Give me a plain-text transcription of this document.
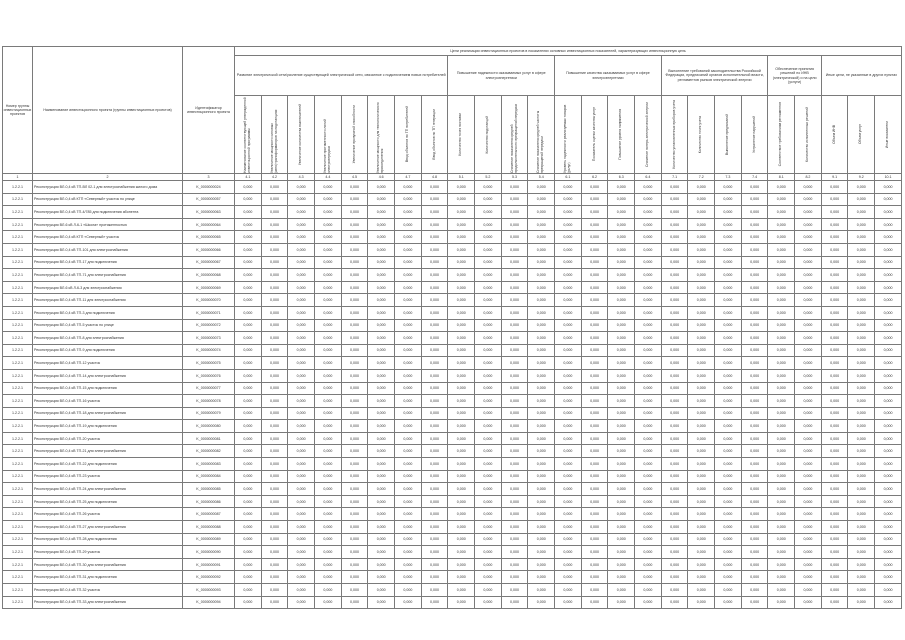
Номер группы инвестиционных проектов	Наименование инвестиционного проекта (группы инвестиционных проектов)	Идентификатор инвестиционного проекта	Цели реализации инвестиционных проектов в показателях основных инвестиционных показателей, характеризующих инвестиционную цель																								
			Развитие электрической сети/усиление существующей электрической сети, связанное с подключением новых потребителей								Повышение надежности оказываемых услуг в сфере электроэнергетики				Повышение качества оказываемых услуг в сфере электроэнергетики				Выполнение требований законодательства Российской Федерации, предписаний органов исполнительной власти, регламентов рынков электрической энергии				Обеспечение принятия решений по ИНВ (электрической) и на цели (услуги)		Иные цели, не указанные в других пунктах		

			Наименование соответствующей утвержденной инвестиционной программы	Увеличение мощности силовых (авто)трансформаторов на подстанциях	Увеличение количества выключателей	Увеличение протяженности линий электропередачи	Увеличение пропускной способности	Увеличение мощности для технологического присоединения	Ввод объектов по ТП потребителей	Ввод объектов по ТП генерации	Количество точек поставки	Количество подстанций	Снижение показателя средней продолжительности прекращений передачи	Снижение показателя средней частоты прекращений передачи	Уровень надежности реализуемых товаров (услуг)	Показатель оценки качества услуг	Повышение уровня напряжения	Снижение потерь электрической энергии	Количество установленных приборов учета	Количество точек учета	Выполнение предписаний	Устранение нарушений	Соответствие требованиям регламентов	Количество исполненных решений	Объем ИНВ	Объем услуг	Иные показатели

1	2	3	4.1	4.2	4.3	4.4	4.5	4.6	4.7	4.8	5.1	5.2	5.3	5.4	6.1	6.2	6.3	6.4	7.1	7.2	7.3	7.4	8.1	8.2	9.1	9.2	10.1
1.2.2.1	Реконструкция ВЛ-0,4 кВ ТП-ВЛ 02-1 для электроснабжения жилого дома	K_0000000024	0,000	0,000	0,000	0,000	0,000	0,000	0,000	0,000	0,000	0,000	0,000	0,000	0,000	0,000	0,000	0,000	0,000	0,000	0,000	0,000	0,000	0,000	0,000	0,000	0,000
1.2.2.1	Реконструкция ВЛ-0,4 кВ КТП «Северный» участок по улице	K_0000000057	0,000	0,000	0,000	0,000	0,000	0,000	0,000	0,000	0,000	0,000	0,000	0,000	0,000	0,000	0,000	0,000	0,000	0,000	0,000	0,000	0,000	0,000	0,000	0,000	0,000
1.2.2.1	Реконструкция ВЛ-0,4 кВ ТП-4/785 для подключения абонента	K_0000000063	0,000	0,000	0,000	0,000	0,000	0,000	0,000	0,000	0,000	0,000	0,000	0,000	0,000	0,000	0,000	0,000	0,000	0,000	0,000	0,000	0,000	0,000	0,000	0,000	0,000
1.2.2.1	Реконструкция ВЛ-6 кВ Л-6-1 «Школа» протяженностью	K_0000000064	0,000	0,000	0,000	0,000	0,000	0,000	0,000	0,000	0,000	0,000	0,000	0,000	0,000	0,000	0,000	0,000	0,000	0,000	0,000	0,000	0,000	0,000	0,000	0,000	0,000
1.2.2.1	Реконструкция ВЛ-0,4 кВ КТП «Северный» участок	K_0000000065	0,000	0,000	0,000	0,000	0,000	0,000	0,000	0,000	0,000	0,000	0,000	0,000	0,000	0,000	0,000	0,000	0,000	0,000	0,000	0,000	0,000	0,000	0,000	0,000	0,000
1.2.2.1	Реконструкция ВЛ-0,4 кВ ТП-101 для электроснабжения	K_0000000066	0,000	0,000	0,000	0,000	0,000	0,000	0,000	0,000	0,000	0,000	0,000	0,000	0,000	0,000	0,000	0,000	0,000	0,000	0,000	0,000	0,000	0,000	0,000	0,000	0,000
1.2.2.1	Реконструкция ВЛ-0,4 кВ ТП-17 для подключения	K_0000000067	0,000	0,000	0,000	0,000	0,000	0,000	0,000	0,000	0,000	0,000	0,000	0,000	0,000	0,000	0,000	0,000	0,000	0,000	0,000	0,000	0,000	0,000	0,000	0,000	0,000
1.2.2.1	Реконструкция ВЛ-0,4 кВ ТП-71 для электроснабжения	K_0000000068	0,000	0,000	0,000	0,000	0,000	0,000	0,000	0,000	0,000	0,000	0,000	0,000	0,000	0,000	0,000	0,000	0,000	0,000	0,000	0,000	0,000	0,000	0,000	0,000	0,000
1.2.2.1	Реконструкция ВЛ-6 кВ Л-6-3 для электроснабжения	K_0000000069	0,000	0,000	0,000	0,000	0,000	0,000	0,000	0,000	0,000	0,000	0,000	0,000	0,000	0,000	0,000	0,000	0,000	0,000	0,000	0,000	0,000	0,000	0,000	0,000	0,000
1.2.2.1	Реконструкция ВЛ-0,4 кВ ТП-11 для электроснабжения	K_0000000070	0,000	0,000	0,000	0,000	0,000	0,000	0,000	0,000	0,000	0,000	0,000	0,000	0,000	0,000	0,000	0,000	0,000	0,000	0,000	0,000	0,000	0,000	0,000	0,000	0,000
1.2.2.1	Реконструкция ВЛ-0,4 кВ ТП-3 для подключения	K_0000000071	0,000	0,000	0,000	0,000	0,000	0,000	0,000	0,000	0,000	0,000	0,000	0,000	0,000	0,000	0,000	0,000	0,000	0,000	0,000	0,000	0,000	0,000	0,000	0,000	0,000
1.2.2.1	Реконструкция ВЛ-0,4 кВ ТП-5 участок по улице	K_0000000072	0,000	0,000	0,000	0,000	0,000	0,000	0,000	0,000	0,000	0,000	0,000	0,000	0,000	0,000	0,000	0,000	0,000	0,000	0,000	0,000	0,000	0,000	0,000	0,000	0,000
1.2.2.1	Реконструкция ВЛ-0,4 кВ ТП-8 для электроснабжения	K_0000000073	0,000	0,000	0,000	0,000	0,000	0,000	0,000	0,000	0,000	0,000	0,000	0,000	0,000	0,000	0,000	0,000	0,000	0,000	0,000	0,000	0,000	0,000	0,000	0,000	0,000
1.2.2.1	Реконструкция ВЛ-0,4 кВ ТП-9 для подключения	K_0000000074	0,000	0,000	0,000	0,000	0,000	0,000	0,000	0,000	0,000	0,000	0,000	0,000	0,000	0,000	0,000	0,000	0,000	0,000	0,000	0,000	0,000	0,000	0,000	0,000	0,000
1.2.2.1	Реконструкция ВЛ-0,4 кВ ТП-12 участок	K_0000000075	0,000	0,000	0,000	0,000	0,000	0,000	0,000	0,000	0,000	0,000	0,000	0,000	0,000	0,000	0,000	0,000	0,000	0,000	0,000	0,000	0,000	0,000	0,000	0,000	0,000
1.2.2.1	Реконструкция ВЛ-0,4 кВ ТП-14 для электроснабжения	K_0000000076	0,000	0,000	0,000	0,000	0,000	0,000	0,000	0,000	0,000	0,000	0,000	0,000	0,000	0,000	0,000	0,000	0,000	0,000	0,000	0,000	0,000	0,000	0,000	0,000	0,000
1.2.2.1	Реконструкция ВЛ-0,4 кВ ТП-15 для подключения	K_0000000077	0,000	0,000	0,000	0,000	0,000	0,000	0,000	0,000	0,000	0,000	0,000	0,000	0,000	0,000	0,000	0,000	0,000	0,000	0,000	0,000	0,000	0,000	0,000	0,000	0,000
1.2.2.1	Реконструкция ВЛ-0,4 кВ ТП-16 участок	K_0000000078	0,000	0,000	0,000	0,000	0,000	0,000	0,000	0,000	0,000	0,000	0,000	0,000	0,000	0,000	0,000	0,000	0,000	0,000	0,000	0,000	0,000	0,000	0,000	0,000	0,000
1.2.2.1	Реконструкция ВЛ-0,4 кВ ТП-18 для электроснабжения	K_0000000079	0,000	0,000	0,000	0,000	0,000	0,000	0,000	0,000	0,000	0,000	0,000	0,000	0,000	0,000	0,000	0,000	0,000	0,000	0,000	0,000	0,000	0,000	0,000	0,000	0,000
1.2.2.1	Реконструкция ВЛ-0,4 кВ ТП-19 для подключения	K_0000000080	0,000	0,000	0,000	0,000	0,000	0,000	0,000	0,000	0,000	0,000	0,000	0,000	0,000	0,000	0,000	0,000	0,000	0,000	0,000	0,000	0,000	0,000	0,000	0,000	0,000
1.2.2.1	Реконструкция ВЛ-0,4 кВ ТП-20 участок	K_0000000081	0,000	0,000	0,000	0,000	0,000	0,000	0,000	0,000	0,000	0,000	0,000	0,000	0,000	0,000	0,000	0,000	0,000	0,000	0,000	0,000	0,000	0,000	0,000	0,000	0,000
1.2.2.1	Реконструкция ВЛ-0,4 кВ ТП-21 для электроснабжения	K_0000000082	0,000	0,000	0,000	0,000	0,000	0,000	0,000	0,000	0,000	0,000	0,000	0,000	0,000	0,000	0,000	0,000	0,000	0,000	0,000	0,000	0,000	0,000	0,000	0,000	0,000
1.2.2.1	Реконструкция ВЛ-0,4 кВ ТП-22 для подключения	K_0000000083	0,000	0,000	0,000	0,000	0,000	0,000	0,000	0,000	0,000	0,000	0,000	0,000	0,000	0,000	0,000	0,000	0,000	0,000	0,000	0,000	0,000	0,000	0,000	0,000	0,000
1.2.2.1	Реконструкция ВЛ-0,4 кВ ТП-23 участок	K_0000000084	0,000	0,000	0,000	0,000	0,000	0,000	0,000	0,000	0,000	0,000	0,000	0,000	0,000	0,000	0,000	0,000	0,000	0,000	0,000	0,000	0,000	0,000	0,000	0,000	0,000
1.2.2.1	Реконструкция ВЛ-0,4 кВ ТП-24 для электроснабжения	K_0000000085	0,000	0,000	0,000	0,000	0,000	0,000	0,000	0,000	0,000	0,000	0,000	0,000	0,000	0,000	0,000	0,000	0,000	0,000	0,000	0,000	0,000	0,000	0,000	0,000	0,000
1.2.2.1	Реконструкция ВЛ-0,4 кВ ТП-25 для подключения	K_0000000086	0,000	0,000	0,000	0,000	0,000	0,000	0,000	0,000	0,000	0,000	0,000	0,000	0,000	0,000	0,000	0,000	0,000	0,000	0,000	0,000	0,000	0,000	0,000	0,000	0,000
1.2.2.1	Реконструкция ВЛ-0,4 кВ ТП-26 участок	K_0000000087	0,000	0,000	0,000	0,000	0,000	0,000	0,000	0,000	0,000	0,000	0,000	0,000	0,000	0,000	0,000	0,000	0,000	0,000	0,000	0,000	0,000	0,000	0,000	0,000	0,000
1.2.2.1	Реконструкция ВЛ-0,4 кВ ТП-27 для электроснабжения	K_0000000088	0,000	0,000	0,000	0,000	0,000	0,000	0,000	0,000	0,000	0,000	0,000	0,000	0,000	0,000	0,000	0,000	0,000	0,000	0,000	0,000	0,000	0,000	0,000	0,000	0,000
1.2.2.1	Реконструкция ВЛ-0,4 кВ ТП-28 для подключения	K_0000000089	0,000	0,000	0,000	0,000	0,000	0,000	0,000	0,000	0,000	0,000	0,000	0,000	0,000	0,000	0,000	0,000	0,000	0,000	0,000	0,000	0,000	0,000	0,000	0,000	0,000
1.2.2.1	Реконструкция ВЛ-0,4 кВ ТП-29 участок	K_0000000090	0,000	0,000	0,000	0,000	0,000	0,000	0,000	0,000	0,000	0,000	0,000	0,000	0,000	0,000	0,000	0,000	0,000	0,000	0,000	0,000	0,000	0,000	0,000	0,000	0,000
1.2.2.1	Реконструкция ВЛ-0,4 кВ ТП-30 для электроснабжения	K_0000000091	0,000	0,000	0,000	0,000	0,000	0,000	0,000	0,000	0,000	0,000	0,000	0,000	0,000	0,000	0,000	0,000	0,000	0,000	0,000	0,000	0,000	0,000	0,000	0,000	0,000
1.2.2.1	Реконструкция ВЛ-0,4 кВ ТП-31 для подключения	K_0000000092	0,000	0,000	0,000	0,000	0,000	0,000	0,000	0,000	0,000	0,000	0,000	0,000	0,000	0,000	0,000	0,000	0,000	0,000	0,000	0,000	0,000	0,000	0,000	0,000	0,000
1.2.2.1	Реконструкция ВЛ-0,4 кВ ТП-32 участок	K_0000000093	0,000	0,000	0,000	0,000	0,000	0,000	0,000	0,000	0,000	0,000	0,000	0,000	0,000	0,000	0,000	0,000	0,000	0,000	0,000	0,000	0,000	0,000	0,000	0,000	0,000
1.2.2.1	Реконструкция ВЛ-0,4 кВ ТП-33 для электроснабжения	K_0000000094	0,000	0,000	0,000	0,000	0,000	0,000	0,000	0,000	0,000	0,000	0,000	0,000	0,000	0,000	0,000	0,000	0,000	0,000	0,000	0,000	0,000	0,000	0,000	0,000	0,000
